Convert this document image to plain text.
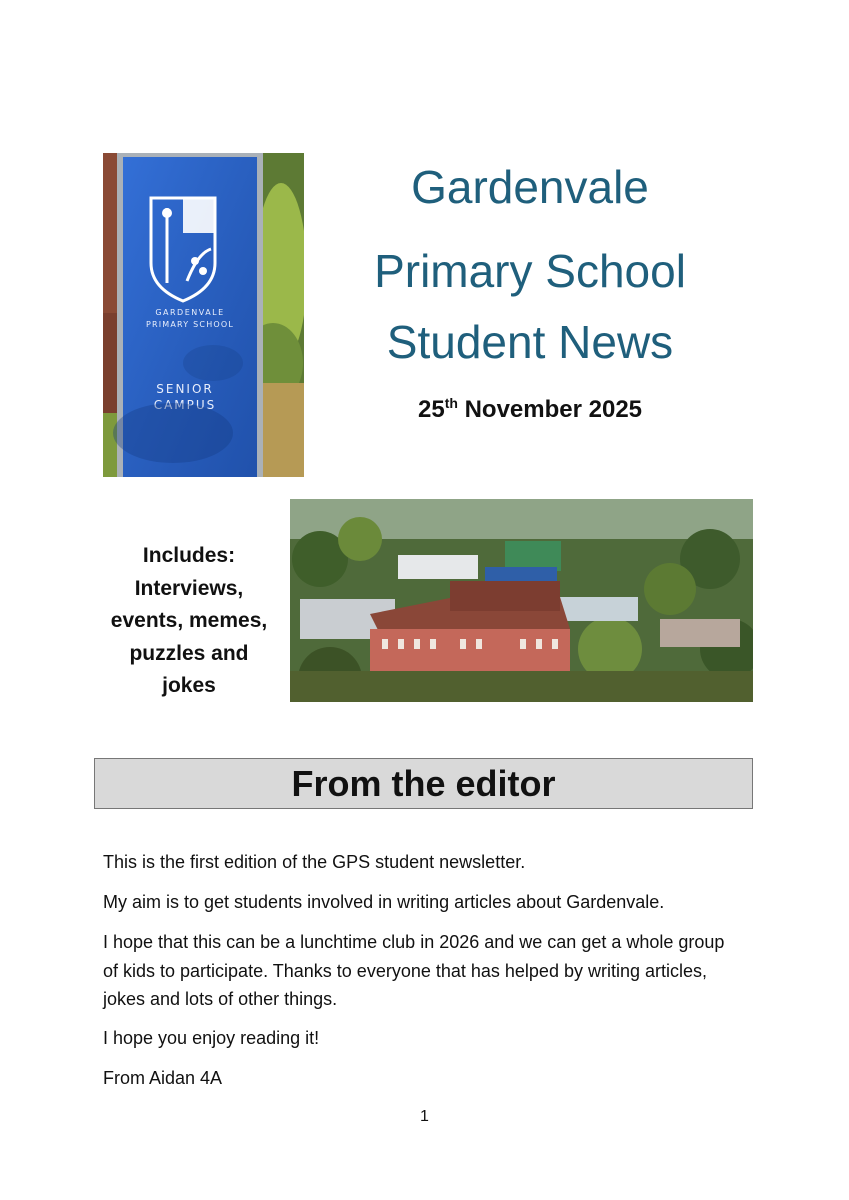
GARDENVALE
PRIMARY SCHOOL
SENIOR
CAMPUS
Gardenvale
Primary School
Student News
25th November 2025
Includes:
Interviews,
events, memes,
puzzles and
jokes
From the editor

This is the first edition of the GPS student newsletter.

My aim is to get students involved in writing articles about Gardenvale.

I hope that this can be a lunchtime club in 2026 and we can get a whole group of kids to participate. Thanks to everyone that has helped by writing articles, jokes and lots of other things.

I hope you enjoy reading it!

From Aidan 4A

1
